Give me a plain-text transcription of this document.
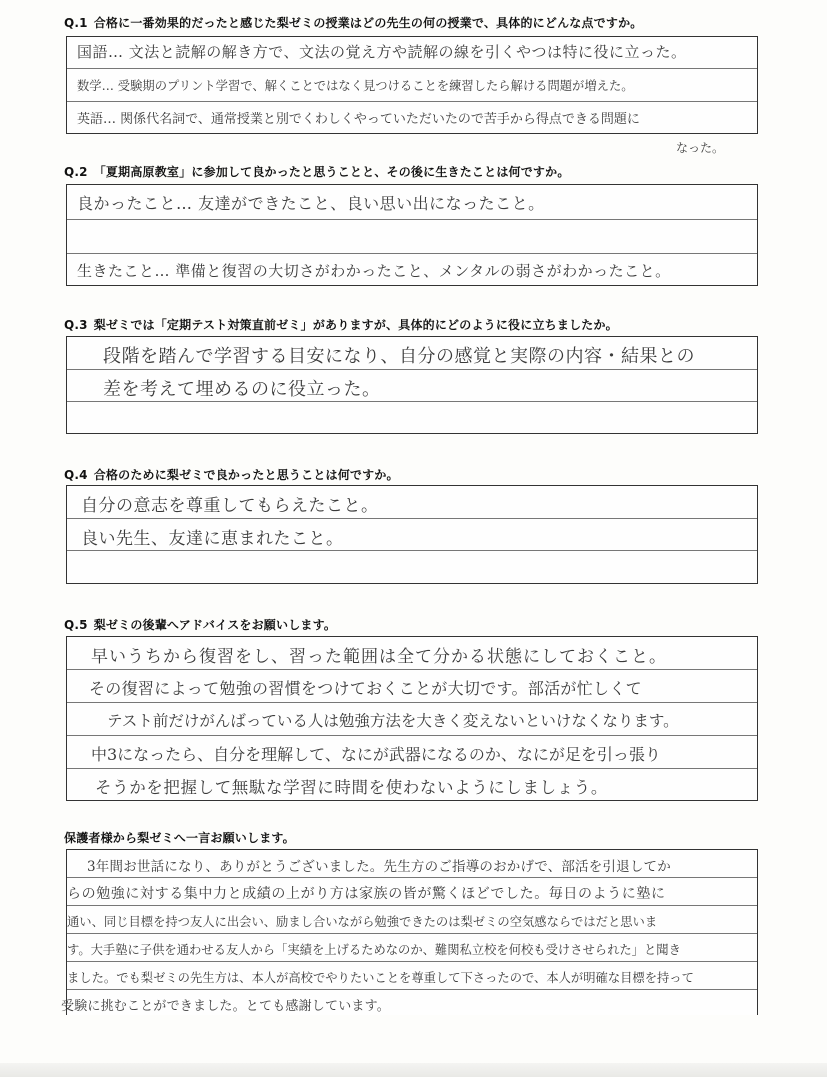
Q.1 合格に一番効果的だったと感じた梨ゼミの授業はどの先生の何の授業で、具体的にどんな点ですか。
国語… 文法と読解の解き方で、文法の覚え方や読解の線を引くやつは特に役に立った。
数学… 受験期のプリント学習で、解くことではなく見つけることを練習したら解ける問題が増えた。
英語… 関係代名詞で、通常授業と別でくわしくやっていただいたので苦手から得点できる問題に
なった。
Q.2 「夏期高原教室」に参加して良かったと思うことと、その後に生きたことは何ですか。
良かったこと… 友達ができたこと、良い思い出になったこと。
生きたこと… 準備と復習の大切さがわかったこと、メンタルの弱さがわかったこと。
Q.3 梨ゼミでは「定期テスト対策直前ゼミ」がありますが、具体的にどのように役に立ちましたか。
段階を踏んで学習する目安になり、自分の感覚と実際の内容・結果との
差を考えて埋めるのに役立った。
Q.4 合格のために梨ゼミで良かったと思うことは何ですか。
自分の意志を尊重してもらえたこと。
良い先生、友達に恵まれたこと。
Q.5 梨ゼミの後輩へアドバイスをお願いします。
早いうちから復習をし、習った範囲は全て分かる状態にしておくこと。
その復習によって勉強の習慣をつけておくことが大切です。部活が忙しくて
テスト前だけがんばっている人は勉強方法を大きく変えないといけなくなります。
中3になったら、自分を理解して、なにが武器になるのか、なにが足を引っ張り
そうかを把握して無駄な学習に時間を使わないようにしましょう。
保護者様から梨ゼミへ一言お願いします。
3年間お世話になり、ありがとうございました。先生方のご指導のおかげで、部活を引退してか
らの勉強に対する集中力と成績の上がり方は家族の皆が驚くほどでした。毎日のように塾に
通い、同じ目標を持つ友人に出会い、励まし合いながら勉強できたのは梨ゼミの空気感ならではだと思いま
す。大手塾に子供を通わせる友人から「実績を上げるためなのか、難関私立校を何校も受けさせられた」と聞き
ました。でも梨ゼミの先生方は、本人が高校でやりたいことを尊重して下さったので、本人が明確な目標を持って
受験に挑むことができました。とても感謝しています。
